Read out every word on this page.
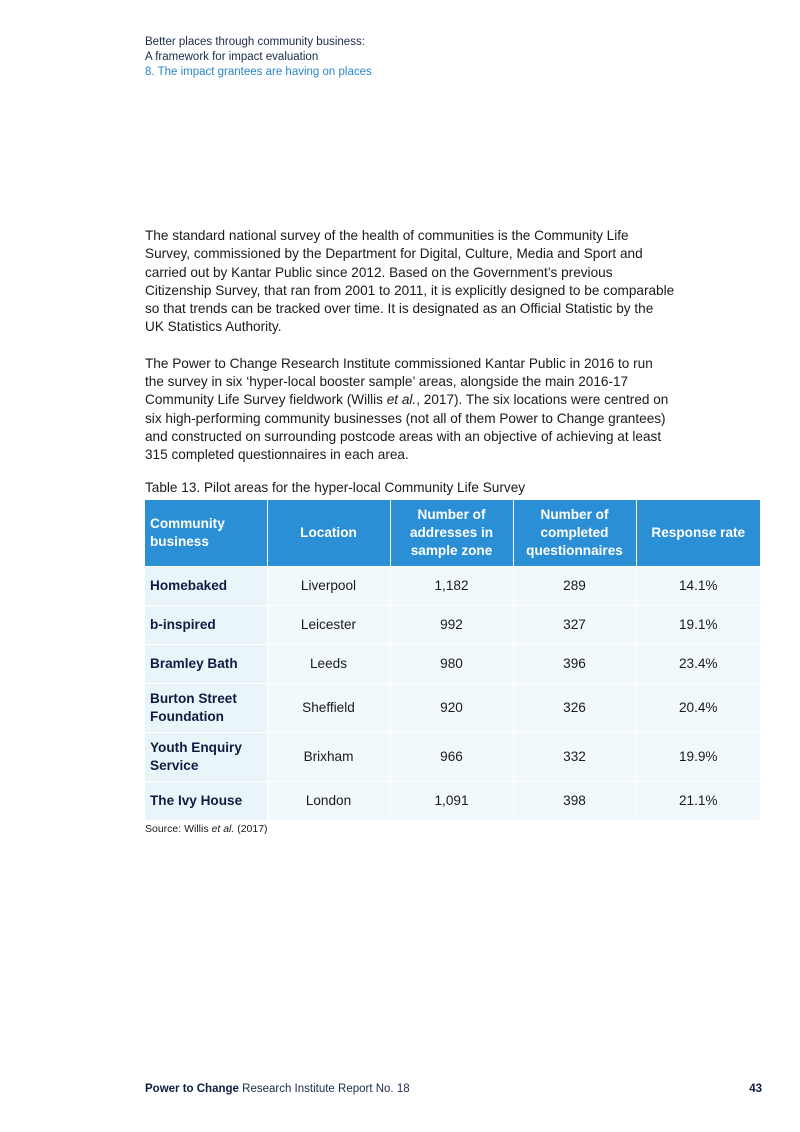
Better places through community business:
A framework for impact evaluation
8. The impact grantees are having on places

The standard national survey of the health of communities is the Community Life Survey, commissioned by the Department for Digital, Culture, Media and Sport and carried out by Kantar Public since 2012. Based on the Government’s previous Citizenship Survey, that ran from 2001 to 2011, it is explicitly designed to be comparable so that trends can be tracked over time. It is designated as an Official Statistic by the UK Statistics Authority.

The Power to Change Research Institute commissioned Kantar Public in 2016 to run the survey in six ‘hyper-local booster sample’ areas, alongside the main 2016-17 Community Life Survey fieldwork (Willis et al., 2017). The six locations were centred on six high-performing community businesses (not all of them Power to Change grantees) and constructed on surrounding postcode areas with an objective of achieving at least 315 completed questionnaires in each area.

Table 13. Pilot areas for the hyper-local Community Life Survey
Community business	Location	Number of addresses in sample zone	Number of completed questionnaires	Response rate
Homebaked	Liverpool	1,182	289	14.1%
b-inspired	Leicester	992	327	19.1%
Bramley Bath	Leeds	980	396	23.4%
Burton Street Foundation	Sheffield	920	326	20.4%
Youth Enquiry Service	Brixham	966	332	19.9%
The Ivy House	London	1,091	398	21.1%
Source: Willis et al. (2017)
Power to Change Research Institute Report No. 18	43
